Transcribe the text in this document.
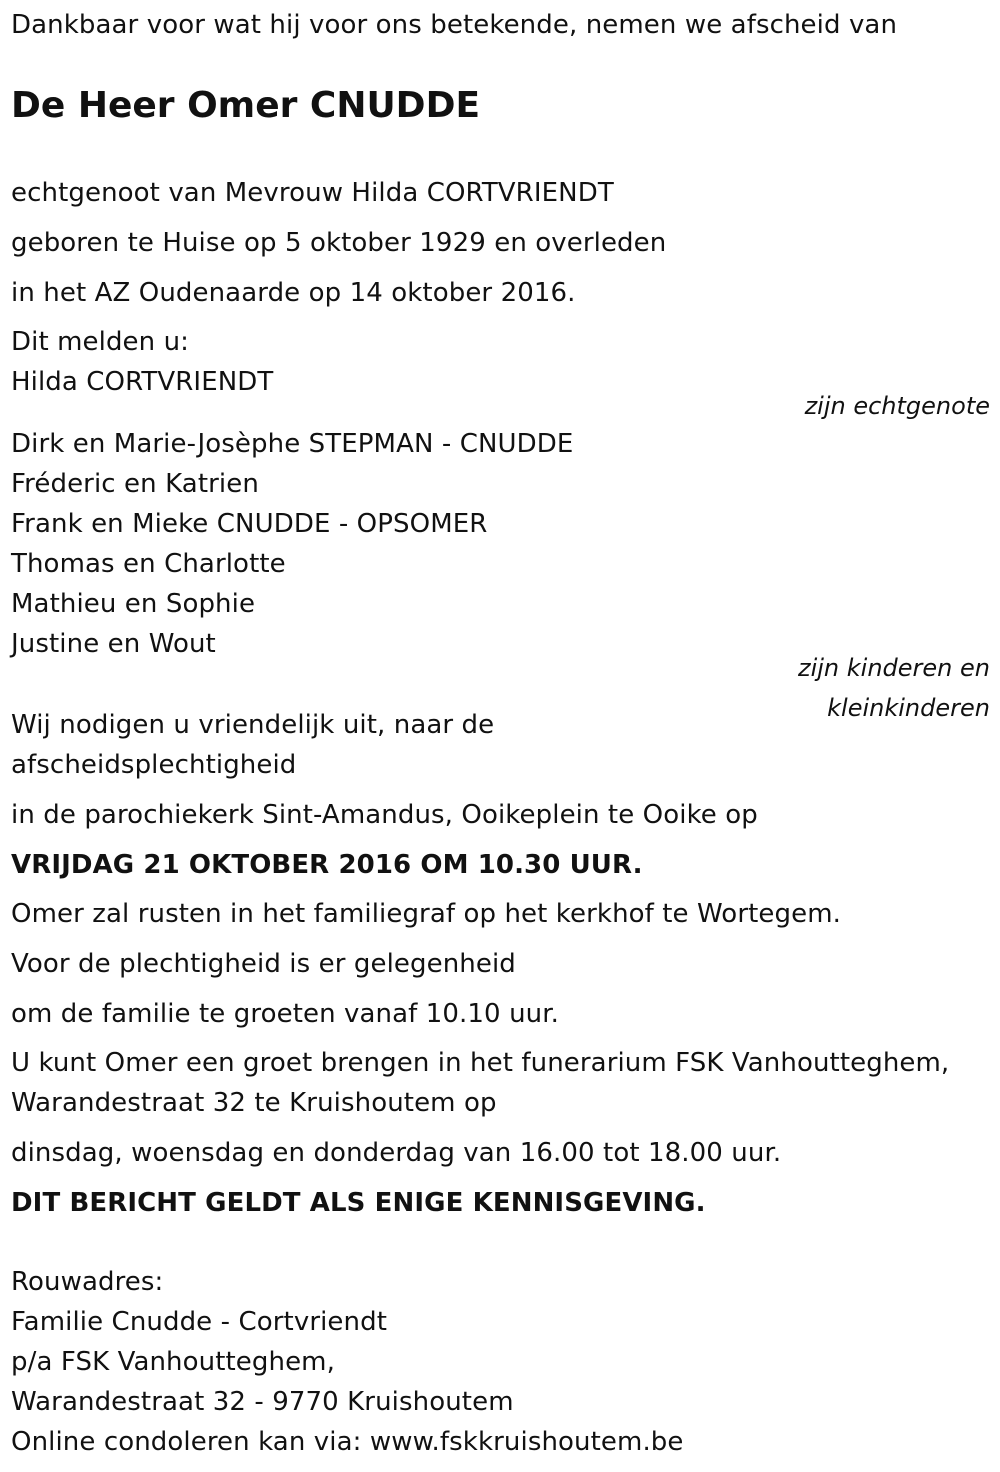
Dankbaar voor wat hij voor ons betekende, nemen we afscheid van
De Heer Omer CNUDDE
echtgenoot van Mevrouw Hilda CORTVRIENDT
geboren te Huise op 5 oktober 1929 en overleden
in het AZ Oudenaarde op 14 oktober 2016.
Dit melden u:
Hilda CORTVRIENDT
zijn echtgenote
Dirk en Marie-Josèphe STEPMAN - CNUDDE
Fréderic en Katrien
Frank en Mieke CNUDDE - OPSOMER
Thomas en Charlotte
Mathieu en Sophie
Justine en Wout
zijn kinderen en
kleinkinderen
Wij nodigen u vriendelijk uit, naar de
afscheidsplechtigheid
in de parochiekerk Sint-Amandus, Ooikeplein te Ooike op
VRIJDAG 21 OKTOBER 2016 OM 10.30 UUR.
Omer zal rusten in het familiegraf op het kerkhof te Wortegem.
Voor de plechtigheid is er gelegenheid
om de familie te groeten vanaf 10.10 uur.
U kunt Omer een groet brengen in het funerarium FSK Vanhoutteghem,
Warandestraat 32 te Kruishoutem op
dinsdag, woensdag en donderdag van 16.00 tot 18.00 uur.
DIT BERICHT GELDT ALS ENIGE KENNISGEVING.
Rouwadres:
Familie Cnudde - Cortvriendt
p/a FSK Vanhoutteghem,
Warandestraat 32 - 9770 Kruishoutem
Online condoleren kan via: www.fskkruishoutem.be
